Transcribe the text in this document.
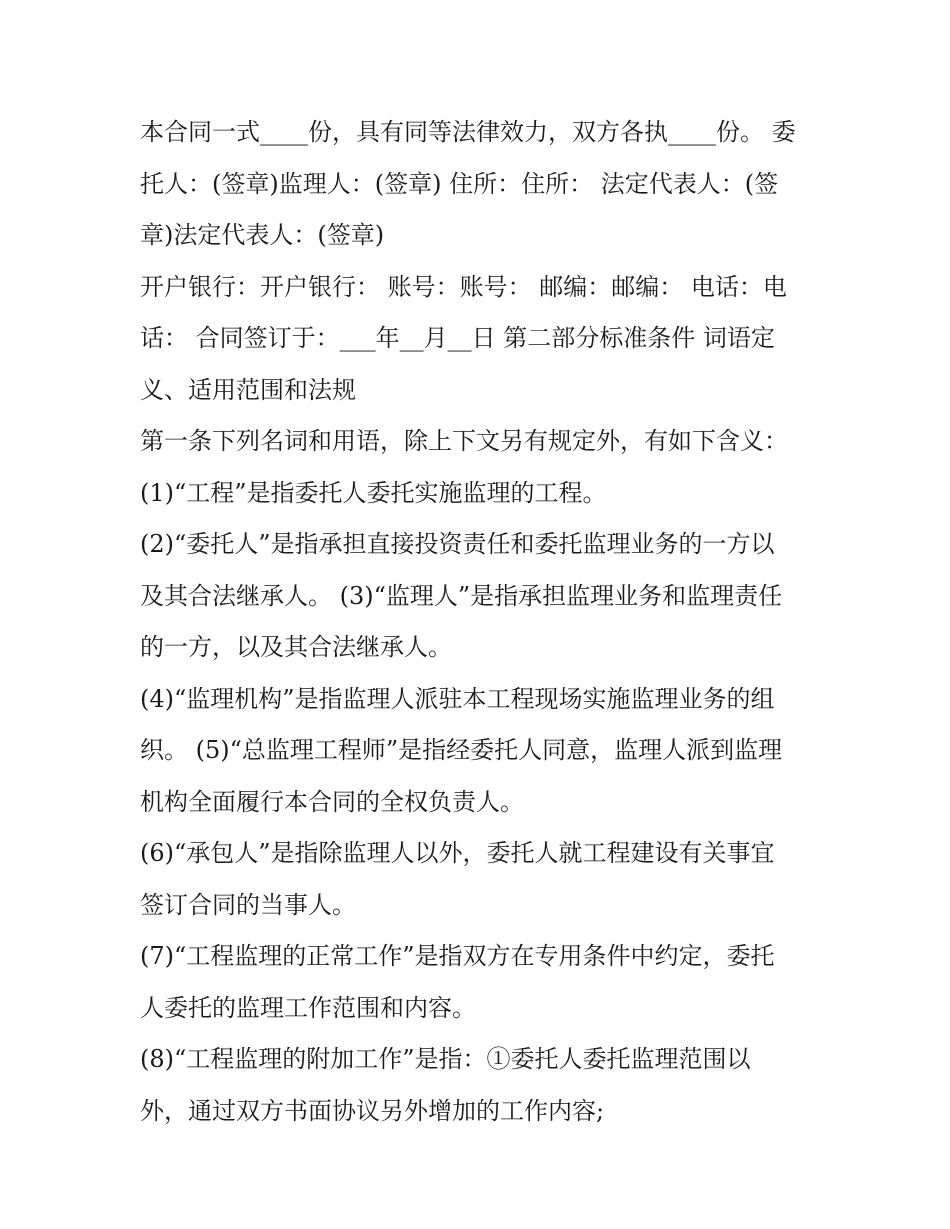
本合同一式____份，具有同等法律效力，双方各执____份。 委
托人：(签章)监理人：(签章) 住所：住所： 法定代表人：(签
章)法定代表人：(签章)
开户银行：开户银行： 账号：账号： 邮编：邮编： 电话：电
话： 合同签订于：___年__月__日 第二部分标准条件 词语定
义、适用范围和法规
第一条下列名词和用语，除上下文另有规定外，有如下含义：
(1)“工程”是指委托人委托实施监理的工程。
(2)“委托人”是指承担直接投资责任和委托监理业务的一方以
及其合法继承人。 (3)“监理人”是指承担监理业务和监理责任
的一方，以及其合法继承人。
(4)“监理机构”是指监理人派驻本工程现场实施监理业务的组
织。 (5)“总监理工程师”是指经委托人同意，监理人派到监理
机构全面履行本合同的全权负责人。
(6)“承包人”是指除监理人以外，委托人就工程建设有关事宜
签订合同的当事人。
(7)“工程监理的正常工作”是指双方在专用条件中约定，委托
人委托的监理工作范围和内容。
(8)“工程监理的附加工作”是指：①委托人委托监理范围以
外，通过双方书面协议另外增加的工作内容;
